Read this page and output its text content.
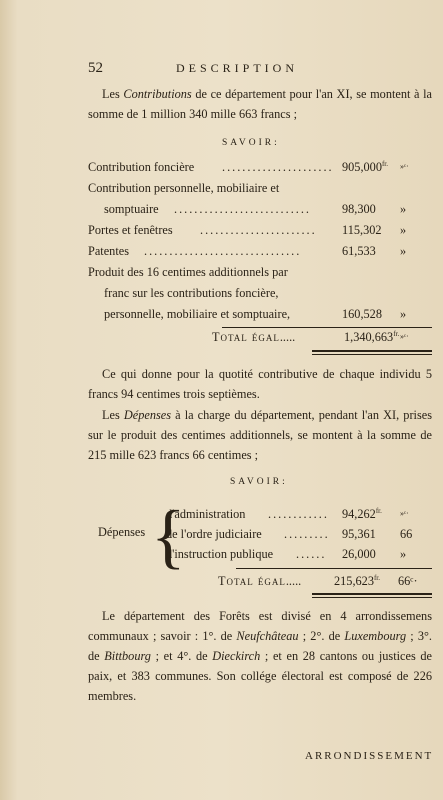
52	DESCRIPTION

Les Contributions de ce département pour l'an XI, se montent à la somme de 1 million 340 mille 663 francs ;

SAVOIR:
Contribution foncière ...................... $905,000^{fr.}$ »ᶜ·
Contribution personnelle, mobiliaire et
somptuaire ...........................	98,300 »
Portes et fenêtres .......................	115,302 »
Patentes ...............................	61,533 »
Produit des 16 centimes additionnels par
franc sur les contributions foncière,
personnelle, mobiliaire et somptuaire,	160,528 »
Total égal.....	$1,340,663^{fr.}$ »ᶜ·

Ce qui donne pour la quotité contributive de chaque individu 5 francs 94 centimes trois septièmes.

Les Dépenses à la charge du département, pendant l'an XI, prises sur le produit des centimes additionnels, se montent à la somme de 215 mille 623 francs 66 centimes ;

SAVOIR:
Dépenses {
d'administration ............	$94,262^{fr.}$ »ᶜ·
de l'ordre judiciaire .........	95,361 66
d'instruction publique ......	26,000 »
Total égal.....	$215,623^{fr.}$ 66ᶜ·

Le département des Forêts est divisé en 4 arrondissemens communaux ; savoir : 1°. de Neufchâteau ; 2°. de Luxembourg ; 3°. de Bittbourg ; et 4°. de Dieckirch ; et en 28 cantons ou justices de paix, et 383 communes. Son collége électoral est composé de 226 membres.

ARRONDISSEMENT
